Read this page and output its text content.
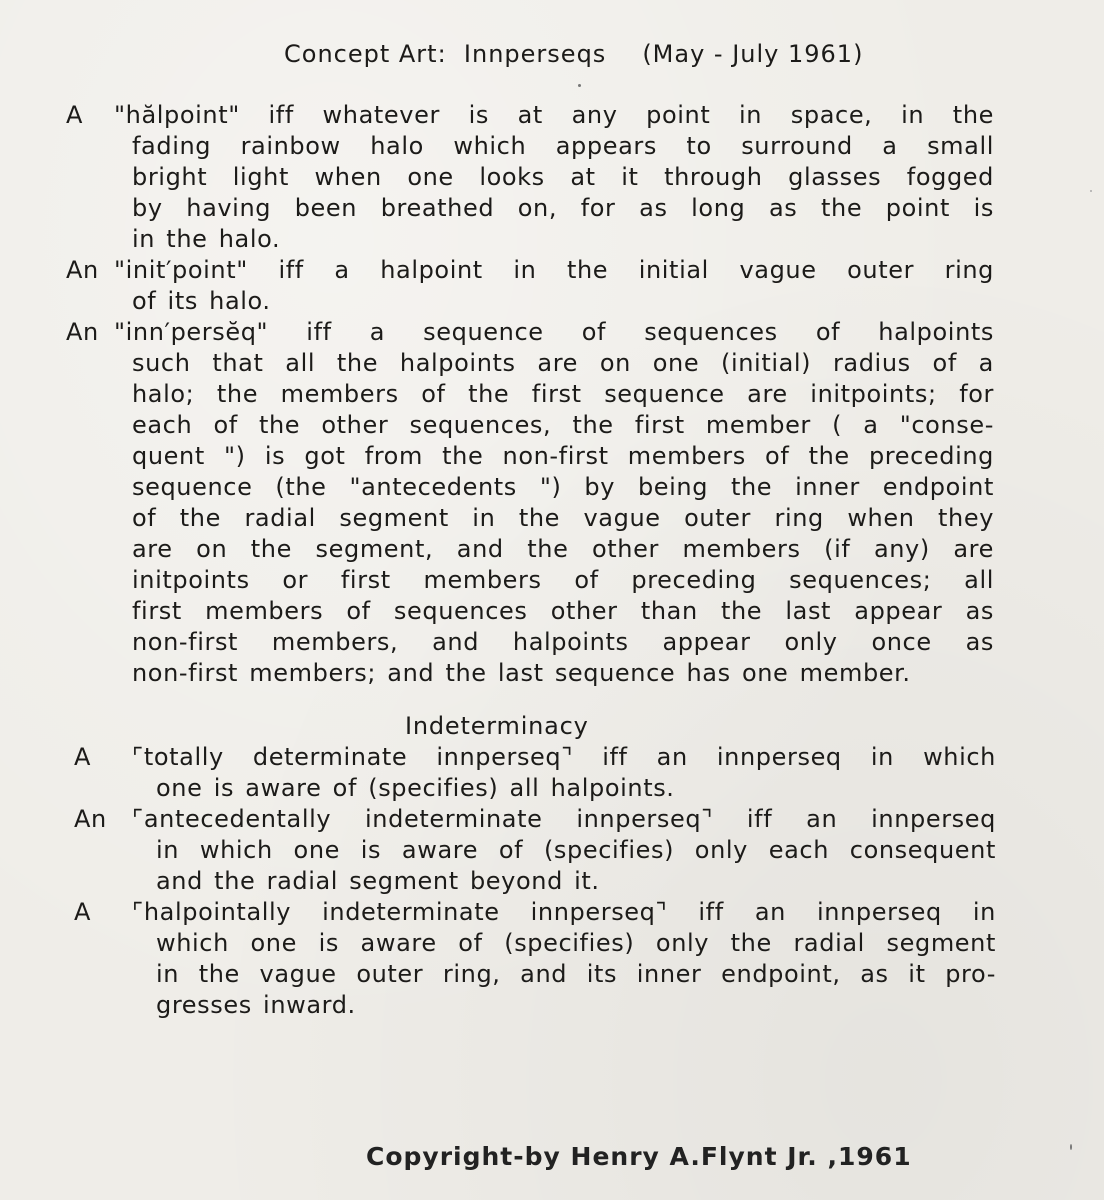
Concept Art:  Innperseqs (May - July 1961)
A	"hălpoint" iff whatever is at any point in space, in the
fading rainbow halo which appears to surround a small
bright light when one looks at it through glasses fogged
by having been breathed on, for as long as the point is
in the halo.
An "init′point" iff a halpoint in the initial vague outer ring
of its halo.
An "inn′persĕq" iff a sequence of sequences of halpoints
such that all the halpoints are on one (initial) radius of a
halo; the members of the first sequence are initpoints; for
each of the other sequences, the first member ( a "conse-
quent ") is got from the non-first members of the preceding
sequence (the "antecedents ") by being the inner endpoint
of the radial segment in the vague outer ring when they
are on the segment, and the other members (if any) are
initpoints or first members of preceding sequences; all
first members of sequences other than the last appear as
non-first members, and halpoints appear only once as
non-first members; and the last sequence has one member.
Indeterminacy
A	⌜totally determinate innperseq⌝ iff an innperseq in which
one is aware of (specifies) all halpoints.
An	⌜antecedentally indeterminate innperseq⌝ iff an innperseq
in which one is aware of (specifies) only each consequent
and the radial segment beyond it.
A	⌜halpointally indeterminate innperseq⌝ iff an innperseq in
which one is aware of (specifies) only the radial segment
in the vague outer ring, and its inner endpoint, as it pro-
gresses inward.
Copyright-by Henry A.Flynt Jr. ,1961
